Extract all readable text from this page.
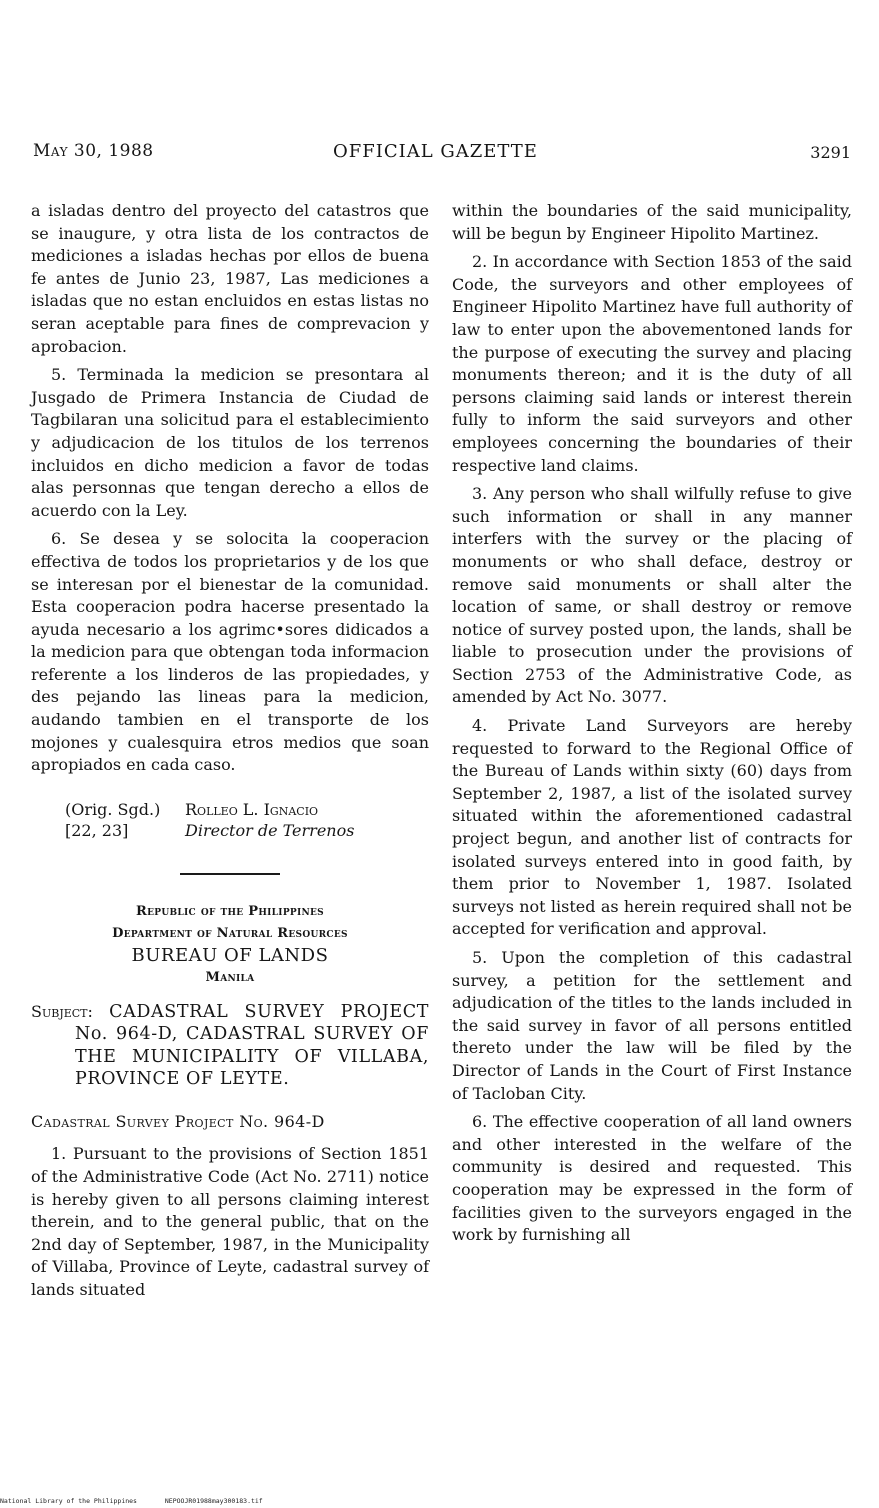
May 30, 1988	OFFICIAL GAZETTE	3291

a isladas dentro del proyecto del catastros que se inaugure, y otra lista de los contractos de mediciones a isladas hechas por ellos de buena fe antes de Junio 23, 1987, Las mediciones a isladas que no estan encluidos en estas listas no seran aceptable para fines de comprevacion y aprobacion.

5. Terminada la medicion se presontara al Jusgado de Primera Instancia de Ciudad de Tagbilaran una solicitud para el establecimiento y adjudicacion de los titulos de los terrenos incluidos en dicho medicion a favor de todas alas personnas que tengan derecho a ellos de acuerdo con la Ley.

6. Se desea y se solocita la cooperacion effectiva de todos los proprietarios y de los que se interesan por el bienestar de la comunidad. Esta cooperacion podra hacerse presentado la ayuda necesario a los agrimc•sores didicados a la medicion para que obtengan toda informacion referente a los linderos de las propiedades, y des pejando las lineas para la medicion, audando tambien en el transporte de los mojones y cualesquira etros medios que soan apropiados en cada caso.

(Orig. Sgd.)	Rolleo L. Ignacio
[22, 23]	Director de Terrenos
Republic of the Philippines
Department of Natural Resources
BUREAU OF LANDS
Manila
Subject: CADASTRAL SURVEY PROJECT No. 964-D, CADASTRAL SURVEY OF THE MUNICIPALITY OF VILLABA, PROVINCE OF LEYTE.
Cadastral Survey Project No. 964-D

1. Pursuant to the provisions of Section 1851 of the Administrative Code (Act No. 2711) notice is hereby given to all persons claiming interest therein, and to the general public, that on the 2nd day of September, 1987, in the Municipality of Villaba, Province of Leyte, cadastral survey of lands situated

within the boundaries of the said municipality, will be begun by Engineer Hipolito Martinez.

2. In accordance with Section 1853 of the said Code, the surveyors and other employees of Engineer Hipolito Martinez have full authority of law to enter upon the abovementoned lands for the purpose of executing the survey and placing monuments thereon; and it is the duty of all persons claiming said lands or interest therein fully to inform the said surveyors and other employees concerning the boundaries of their respective land claims.

3. Any person who shall wilfully refuse to give such information or shall in any manner interfers with the survey or the placing of monuments or who shall deface, destroy or remove said monuments or shall alter the location of same, or shall destroy or remove notice of survey posted upon, the lands, shall be liable to prosecution under the provisions of Section 2753 of the Administrative Code, as amended by Act No. 3077.

4. Private Land Surveyors are hereby requested to forward to the Regional Office of the Bureau of Lands within sixty (60) days from September 2, 1987, a list of the isolated survey situated within the aforementioned cadastral project begun, and another list of contracts for isolated surveys entered into in good faith, by them prior to November 1, 1987. Isolated surveys not listed as herein required shall not be accepted for verification and approval.

5. Upon the completion of this cadastral survey, a petition for the settlement and adjudication of the titles to the lands included in the said survey in favor of all persons entitled thereto under the law will be filed by the Director of Lands in the Court of First Instance of Tacloban City.

6. The effective cooperation of all land owners and other interested in the welfare of the community is desired and requested. This cooperation may be expressed in the form of facilities given to the surveyors engaged in the work by furnishing all

National Library of the Philippines	NEPOOJR01988may300183.tif
